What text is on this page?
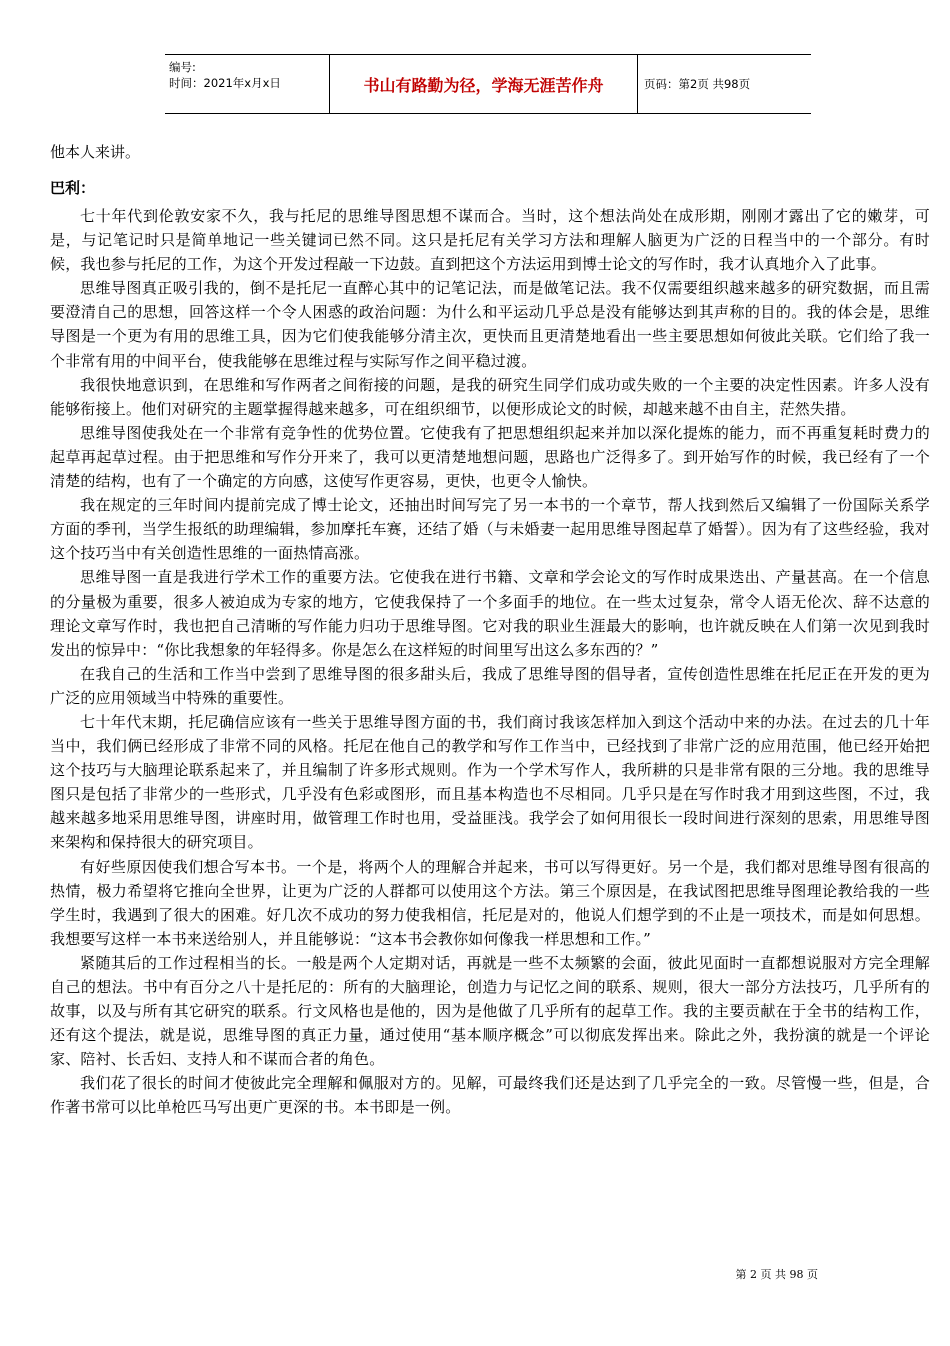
编号:
时间：2021年x月x日	书山有路勤为径，学海无涯苦作舟	页码：第2页 共98页

他本人来讲。

巴利：

七十年代到伦敦安家不久，我与托尼的思维导图思想不谋而合。当时，这个想法尚处在成形期，刚刚才露出了它的嫩芽，可是，与记笔记时只是简单地记一些关键词已然不同。这只是托尼有关学习方法和理解人脑更为广泛的日程当中的一个部分。有时候，我也参与托尼的工作，为这个开发过程敲一下边鼓。直到把这个方法运用到博士论文的写作时，我才认真地介入了此事。

思维导图真正吸引我的，倒不是托尼一直醉心其中的记笔记法，而是做笔记法。我不仅需要组织越来越多的研究数据，而且需要澄清自己的思想，回答这样一个令人困惑的政治问题：为什么和平运动几乎总是没有能够达到其声称的目的。我的体会是，思维导图是一个更为有用的思维工具，因为它们使我能够分清主次，更快而且更清楚地看出一些主要思想如何彼此关联。它们给了我一个非常有用的中间平台，使我能够在思维过程与实际写作之间平稳过渡。

我很快地意识到，在思维和写作两者之间衔接的问题，是我的研究生同学们成功或失败的一个主要的决定性因素。许多人没有能够衔接上。他们对研究的主题掌握得越来越多，可在组织细节，以便形成论文的时候，却越来越不由自主，茫然失措。

思维导图使我处在一个非常有竞争性的优势位置。它使我有了把思想组织起来并加以深化提炼的能力，而不再重复耗时费力的起草再起草过程。由于把思维和写作分开来了，我可以更清楚地想问题，思路也广泛得多了。到开始写作的时候，我已经有了一个清楚的结构，也有了一个确定的方向感，这使写作更容易，更快，也更令人愉快。

我在规定的三年时间内提前完成了博士论文，还抽出时间写完了另一本书的一个章节，帮人找到然后又编辑了一份国际关系学方面的季刊，当学生报纸的助理编辑，参加摩托车赛，还结了婚（与未婚妻一起用思维导图起草了婚誓）。因为有了这些经验，我对这个技巧当中有关创造性思维的一面热情高涨。

思维导图一直是我进行学术工作的重要方法。它使我在进行书籍、文章和学会论文的写作时成果迭出、产量甚高。在一个信息的分量极为重要，很多人被迫成为专家的地方，它使我保持了一个多面手的地位。在一些太过复杂，常令人语无伦次、辞不达意的理论文章写作时，我也把自己清晰的写作能力归功于思维导图。它对我的职业生涯最大的影响，也许就反映在人们第一次见到我时发出的惊异中：“你比我想象的年轻得多。你是怎么在这样短的时间里写出这么多东西的？”

在我自己的生活和工作当中尝到了思维导图的很多甜头后，我成了思维导图的倡导者，宣传创造性思维在托尼正在开发的更为广泛的应用领域当中特殊的重要性。

七十年代末期，托尼确信应该有一些关于思维导图方面的书，我们商讨我该怎样加入到这个活动中来的办法。在过去的几十年当中，我们俩已经形成了非常不同的风格。托尼在他自己的教学和写作工作当中，已经找到了非常广泛的应用范围，他已经开始把这个技巧与大脑理论联系起来了，并且编制了许多形式规则。作为一个学术写作人，我所耕的只是非常有限的三分地。我的思维导图只是包括了非常少的一些形式，几乎没有色彩或图形，而且基本构造也不尽相同。几乎只是在写作时我才用到这些图，不过，我越来越多地采用思维导图，讲座时用，做管理工作时也用，受益匪浅。我学会了如何用很长一段时间进行深刻的思索，用思维导图来架构和保持很大的研究项目。

有好些原因使我们想合写本书。一个是，将两个人的理解合并起来，书可以写得更好。另一个是，我们都对思维导图有很高的热情，极力希望将它推向全世界，让更为广泛的人群都可以使用这个方法。第三个原因是，在我试图把思维导图理论教给我的一些学生时，我遇到了很大的困难。好几次不成功的努力使我相信，托尼是对的，他说人们想学到的不止是一项技术，而是如何思想。我想要写这样一本书来送给别人，并且能够说：“这本书会教你如何像我一样思想和工作。”

紧随其后的工作过程相当的长。一般是两个人定期对话，再就是一些不太频繁的会面，彼此见面时一直都想说服对方完全理解自己的想法。书中有百分之八十是托尼的：所有的大脑理论，创造力与记忆之间的联系、规则，很大一部分方法技巧，几乎所有的故事，以及与所有其它研究的联系。行文风格也是他的，因为是他做了几乎所有的起草工作。我的主要贡献在于全书的结构工作，还有这个提法，就是说，思维导图的真正力量，通过使用“基本顺序概念”可以彻底发挥出来。除此之外，我扮演的就是一个评论家、陪衬、长舌妇、支持人和不谋而合者的角色。

我们花了很长的时间才使彼此完全理解和佩服对方的。见解，可最终我们还是达到了几乎完全的一致。尽管慢一些，但是，合作著书常可以比单枪匹马写出更广更深的书。本书即是一例。

第 2 页 共 98 页
